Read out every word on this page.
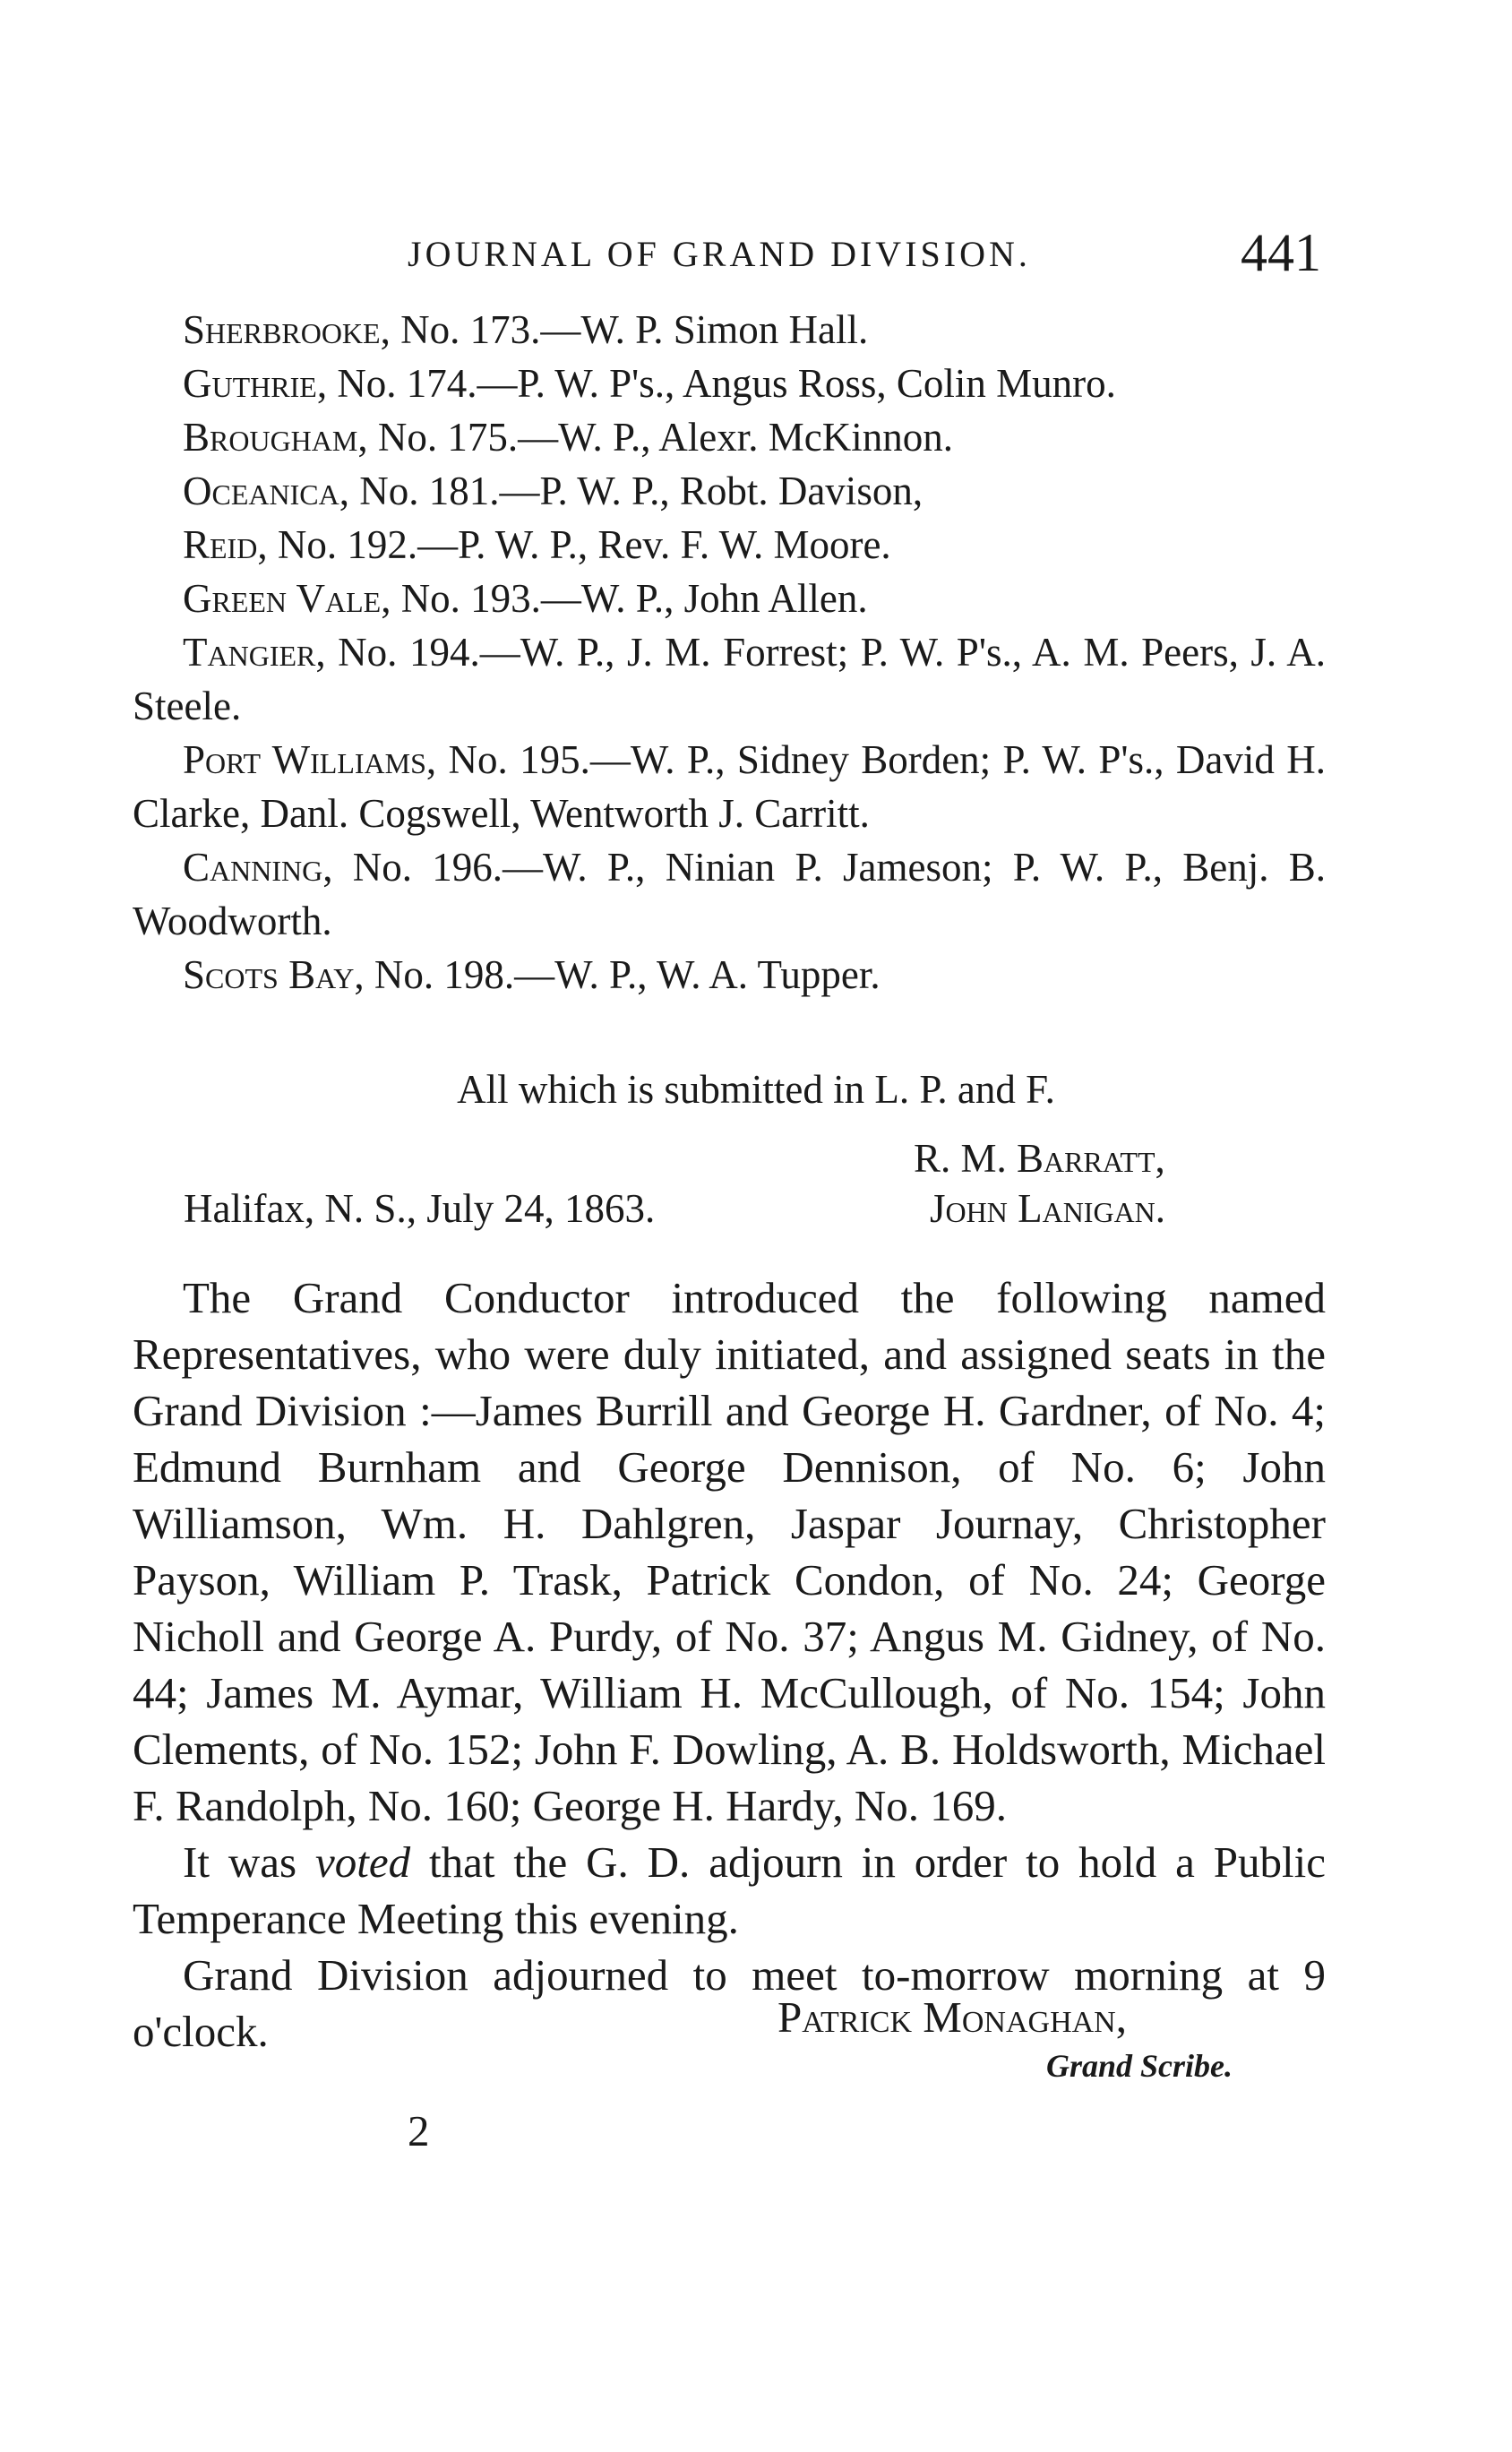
JOURNAL OF GRAND DIVISION.	441

Sherbrooke, No. 173.—W. P. Simon Hall.

Guthrie, No. 174.—P. W. P's., Angus Ross, Colin Munro.

Brougham, No. 175.—W. P., Alexr. McKinnon.

Oceanica, No. 181.—P. W. P., Robt. Davison,

Reid, No. 192.—P. W. P., Rev. F. W. Moore.

Green Vale, No. 193.—W. P., John Allen.

Tangier, No. 194.—W. P., J. M. Forrest; P. W. P's., A. M. Peers, J. A. Steele.

Port Williams, No. 195.—W. P., Sidney Borden; P. W. P's., David H. Clarke, Danl. Cogswell, Wentworth J. Carritt.

Canning, No. 196.—W. P., Ninian P. Jameson; P. W. P., Benj. B. Woodworth.

Scots Bay, No. 198.—W. P., W. A. Tupper.

All which is submitted in L. P. and F.
R. M. Barratt,
Halifax, N. S., July 24, 1863.	John Lanigan.

The Grand Conductor introduced the following named Representatives, who were duly initiated, and assigned seats in the Grand Division :—James Burrill and George H. Gardner, of No. 4; Edmund Burnham and George Dennison, of No. 6; John Williamson, Wm. H. Dahlgren, Jaspar Journay, Christopher Payson, William P. Trask, Patrick Condon, of No. 24; George Nicholl and George A. Purdy, of No. 37; Angus M. Gidney, of No. 44; James M. Aymar, William H. McCullough, of No. 154; John Clements, of No. 152; John F. Dowling, A. B. Holdsworth, Michael F. Randolph, No. 160; George H. Hardy, No. 169.

It was voted that the G. D. adjourn in order to hold a Public Temperance Meeting this evening.

Grand Division adjourned to meet to-morrow morning at 9 o'clock.	Patrick Monaghan,
Grand Scribe.
2
